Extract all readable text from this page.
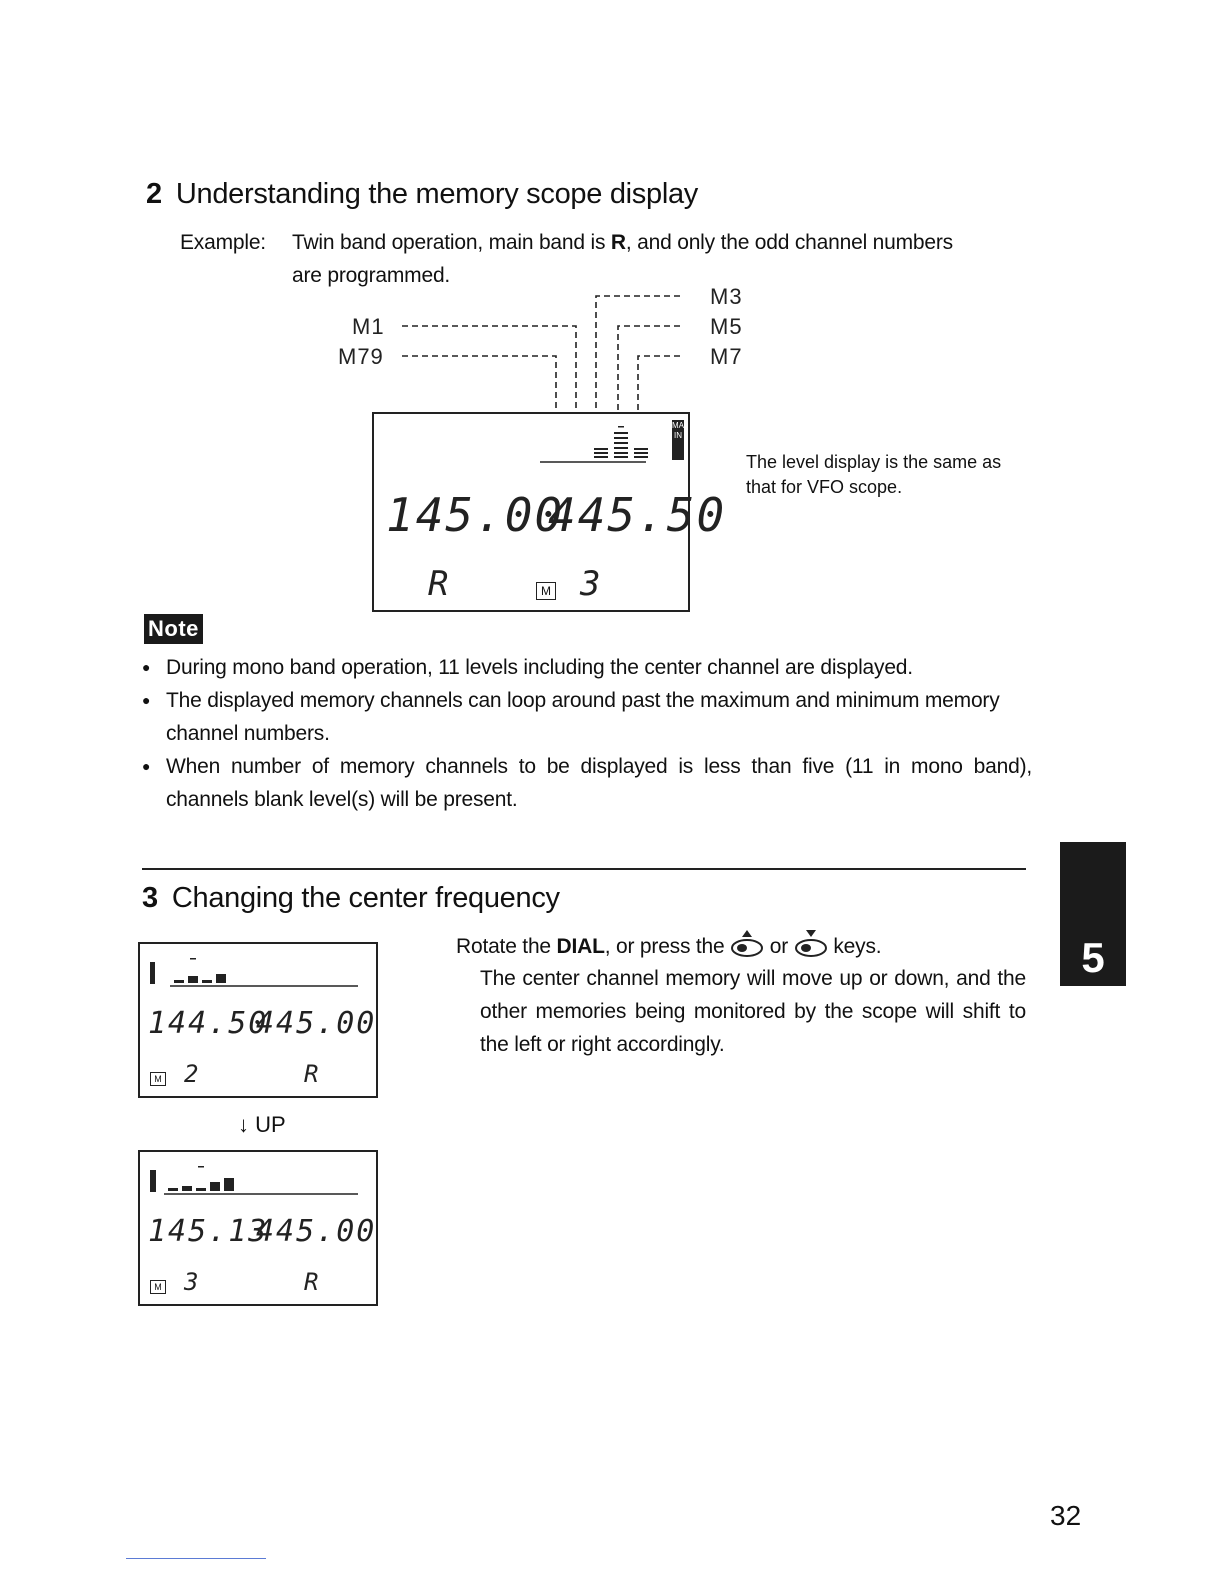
2 Understanding the memory scope display
Example: Twin band operation, main band is R, and only the odd channel numbers
are programmed.
M1
M79
M3
M5
M7
MAIN
145.00
445.50
R	M 3
The level display is the same as that for VFO scope.
Note
● During mono band operation, 11 levels including the center channel are displayed.
● The displayed memory channels can loop around past the maximum and minimum memory channel numbers.
● When number of memory channels to be displayed is less than five (11 in mono band), channels blank level(s) will be present.
3 Changing the center frequency
144.50
445.00
M 2	R
↓ UP
145.13
445.00
M 3	R
Rotate the DIAL, or press the or keys.
The center channel memory will move up or down, and the other memories being monitored by the scope will shift to the left or right accordingly.
5
32
